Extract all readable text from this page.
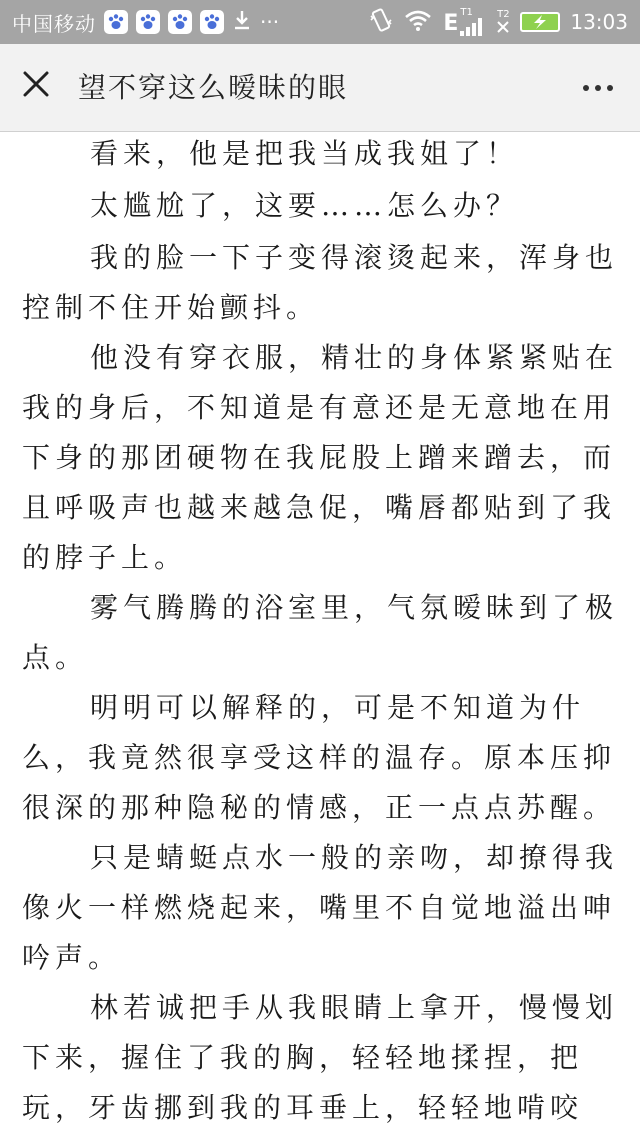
中国移动	···	E T1 T2	13:03
望不穿这么暧昧的眼
看来，他是把我当成我姐了！
太尴尬了，这要……怎么办？
我的脸一下子变得滚烫起来，浑身也
控制不住开始颤抖。
他没有穿衣服，精壮的身体紧紧贴在
我的身后，不知道是有意还是无意地在用
下身的那团硬物在我屁股上蹭来蹭去，而
且呼吸声也越来越急促，嘴唇都贴到了我
的脖子上。
雾气腾腾的浴室里，气氛暧昧到了极
点。
明明可以解释的，可是不知道为什
么，我竟然很享受这样的温存。原本压抑
很深的那种隐秘的情感，正一点点苏醒。
只是蜻蜓点水一般的亲吻，却撩得我
像火一样燃烧起来，嘴里不自觉地溢出呻
吟声。
林若诚把手从我眼睛上拿开，慢慢划
下来，握住了我的胸，轻轻地揉捏，把
玩，牙齿挪到我的耳垂上，轻轻地啃咬
